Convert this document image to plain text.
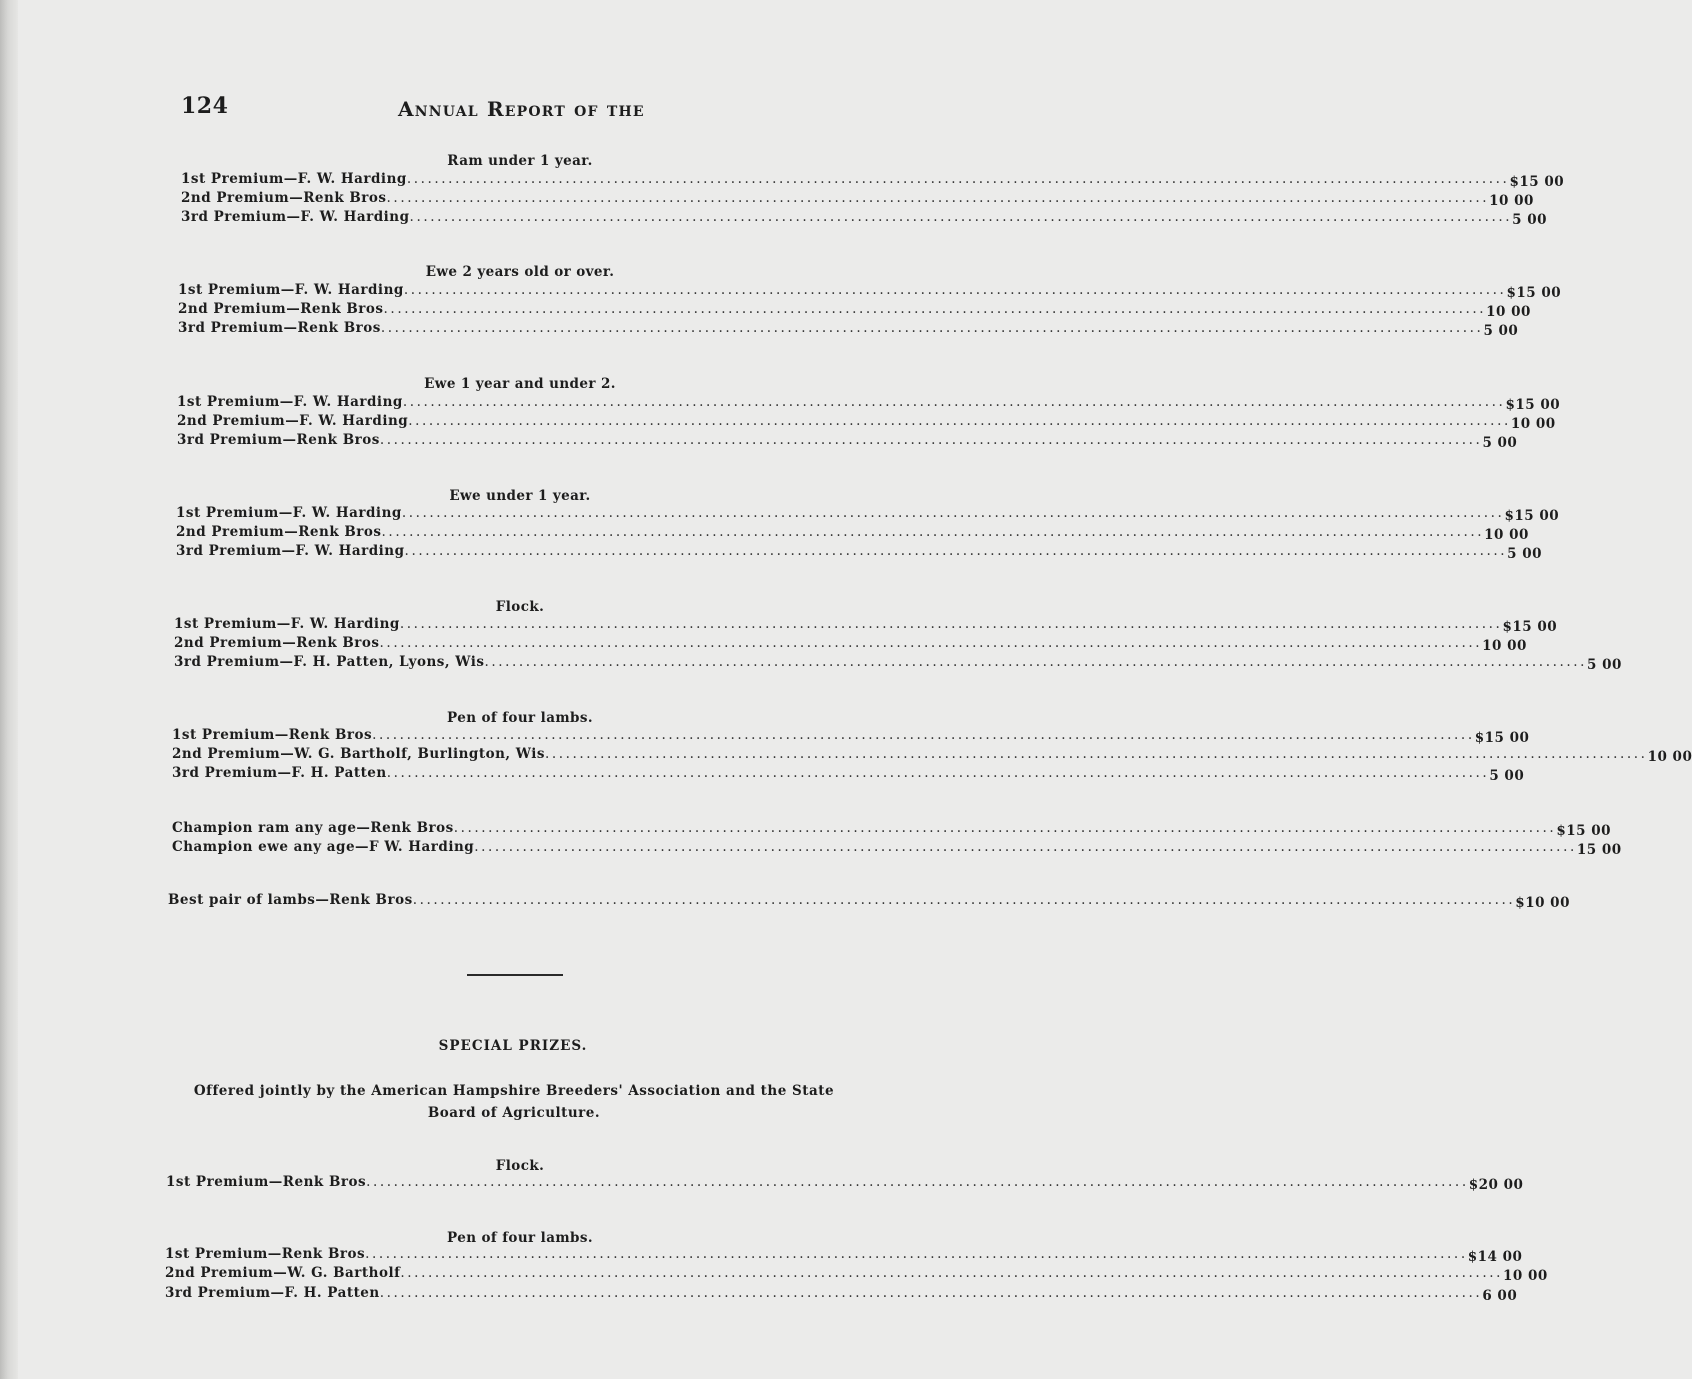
124	Annual Report of the
Ram under 1 year.
1st Premium—F. W. Harding ................................................................................................................................................................ $15 00
2nd Premium—Renk Bros ................................................................................................................................................................ 10 00
3rd Premium—F. W. Harding ................................................................................................................................................................ 5 00
Ewe 2 years old or over.
1st Premium—F. W. Harding ................................................................................................................................................................ $15 00
2nd Premium—Renk Bros ................................................................................................................................................................ 10 00
3rd Premium—Renk Bros ................................................................................................................................................................ 5 00
Ewe 1 year and under 2.
1st Premium—F. W. Harding ................................................................................................................................................................ $15 00
2nd Premium—F. W. Harding ................................................................................................................................................................ 10 00
3rd Premium—Renk Bros ................................................................................................................................................................ 5 00
Ewe under 1 year.
1st Premium—F. W. Harding ................................................................................................................................................................ $15 00
2nd Premium—Renk Bros ................................................................................................................................................................ 10 00
3rd Premium—F. W. Harding ................................................................................................................................................................ 5 00
Flock.
1st Premium—F. W. Harding ................................................................................................................................................................ $15 00
2nd Premium—Renk Bros ................................................................................................................................................................ 10 00
3rd Premium—F. H. Patten, Lyons, Wis ................................................................................................................................................................ 5 00
Pen of four lambs.
1st Premium—Renk Bros ................................................................................................................................................................ $15 00
2nd Premium—W. G. Bartholf, Burlington, Wis ................................................................................................................................................................ 10 00
3rd Premium—F. H. Patten ................................................................................................................................................................ 5 00
Champion ram any age—Renk Bros ................................................................................................................................................................ $15 00
Champion ewe any age—F W. Harding ................................................................................................................................................................ 15 00
Best pair of lambs—Renk Bros ................................................................................................................................................................ $10 00
Flock.
1st Premium—Renk Bros ................................................................................................................................................................ $20 00
Pen of four lambs.
1st Premium—Renk Bros ................................................................................................................................................................ $14 00
2nd Premium—W. G. Bartholf ................................................................................................................................................................ 10 00
3rd Premium—F. H. Patten ................................................................................................................................................................ 6 00
SPECIAL PRIZES.
Offered jointly by the American Hampshire Breeders' Association and the State Board of Agriculture.
